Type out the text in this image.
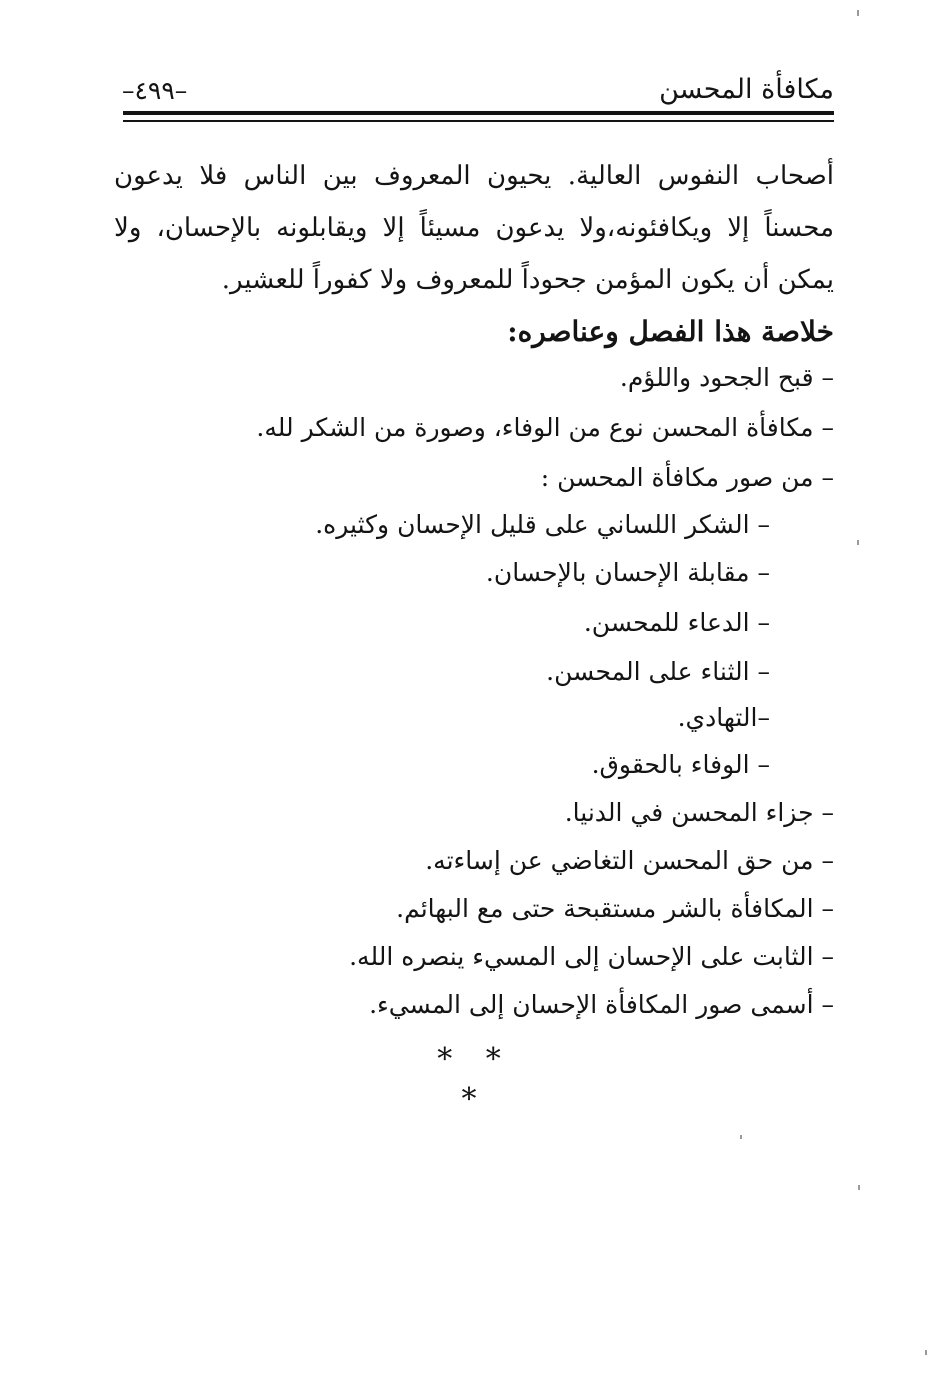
مكافأة المحسن
–٤٩٩–
أصحاب النفوس العالية. يحيون المعروف بين الناس فلا يدعون محسناً إلا ويكافئونه،ولا يدعون مسيئاً إلا ويقابلونه بالإحسان، ولا يمكن أن يكون المؤمن جحوداً للمعروف ولا كفوراً للعشير.
خلاصة هذا الفصل وعناصره:
– قبح الجحود واللؤم.
– مكافأة المحسن نوع من الوفاء، وصورة من الشكر لله.
– من صور مكافأة المحسن :
– الشكر اللساني على قليل الإحسان وكثيره.
– مقابلة الإحسان بالإحسان.
– الدعاء للمحسن.
– الثناء على المحسن.
–التهادي.
– الوفاء بالحقوق.
– جزاء المحسن في الدنيا.
– من حق المحسن التغاضي عن إساءته.
– المكافأة بالشر مستقبحة حتى مع البهائم.
– الثابت على الإحسان إلى المسيء ينصره الله.
– أسمى صور المكافأة الإحسان إلى المسيء.
* * *
